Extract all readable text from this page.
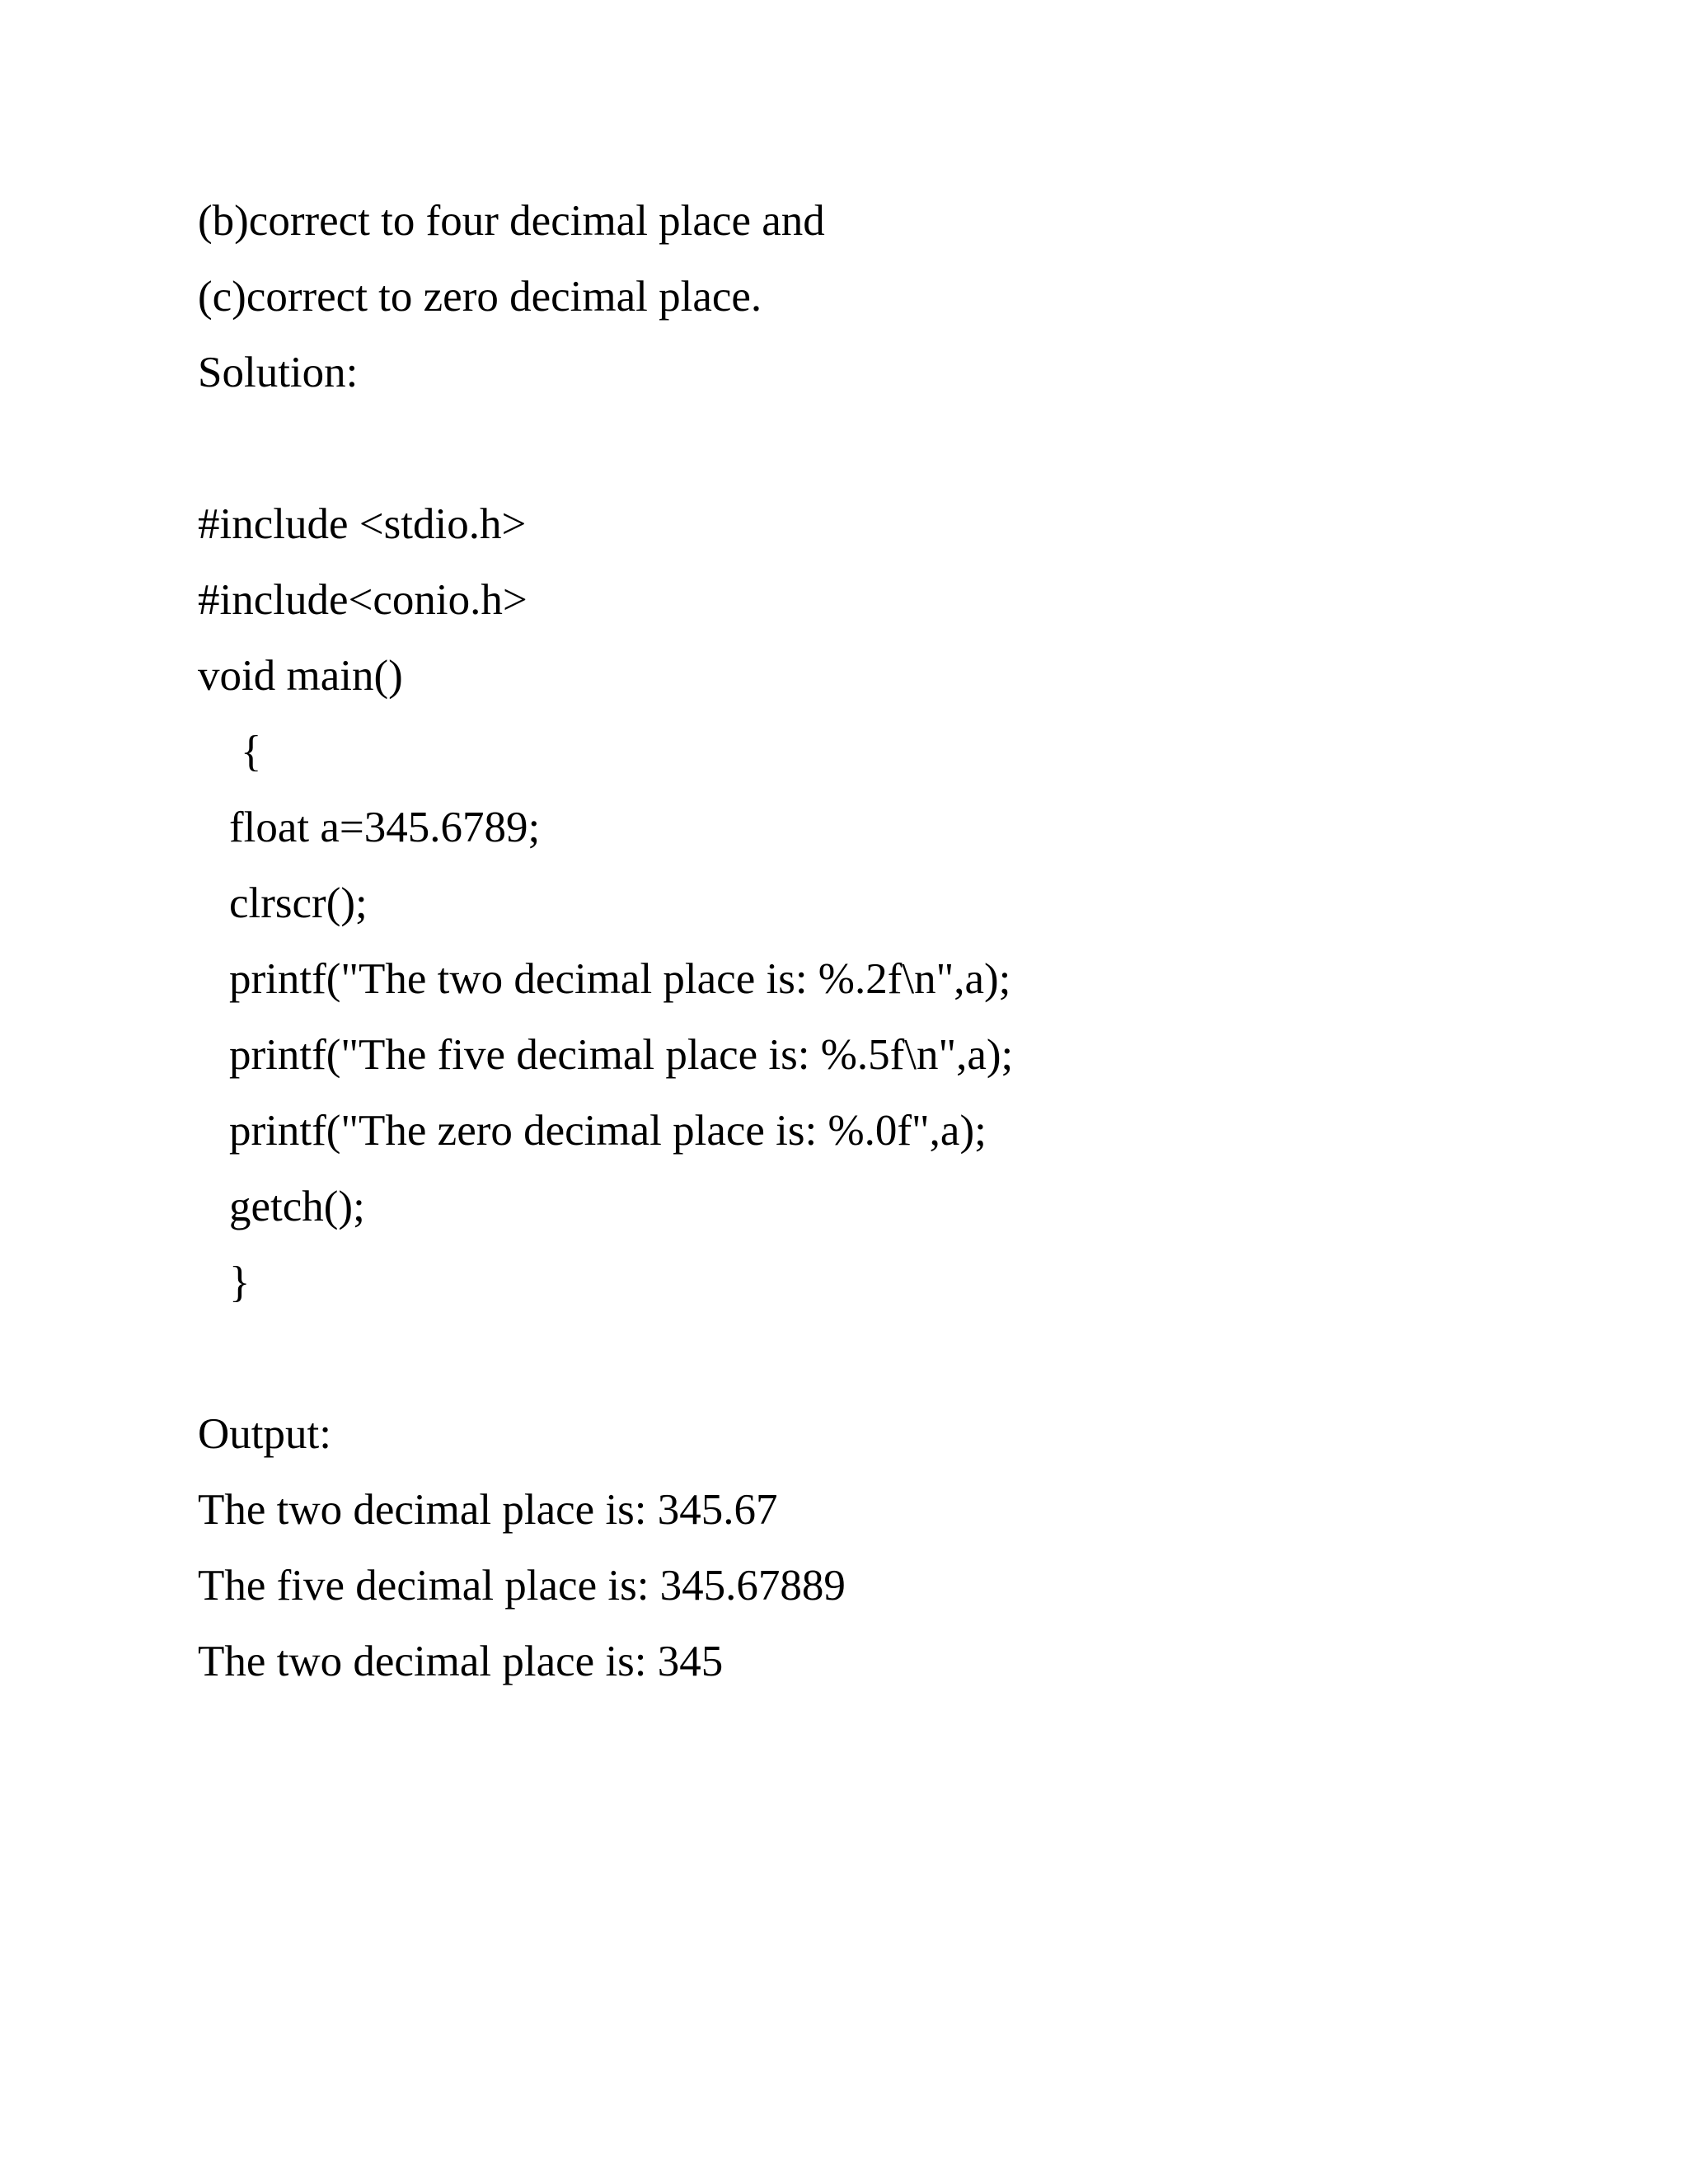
(b)correct to four decimal place and

(c)correct to zero decimal place.

Solution:

#include <stdio.h>

#include<conio.h>

void main()

{

float a=345.6789;

clrscr();

printf("The two decimal place is: %.2f\n",a);

printf("The five decimal place is: %.5f\n",a);

printf("The zero decimal place is: %.0f",a);

getch();

}

Output:

The two decimal place is: 345.67

The five decimal place is: 345.67889

The two decimal place is: 345
